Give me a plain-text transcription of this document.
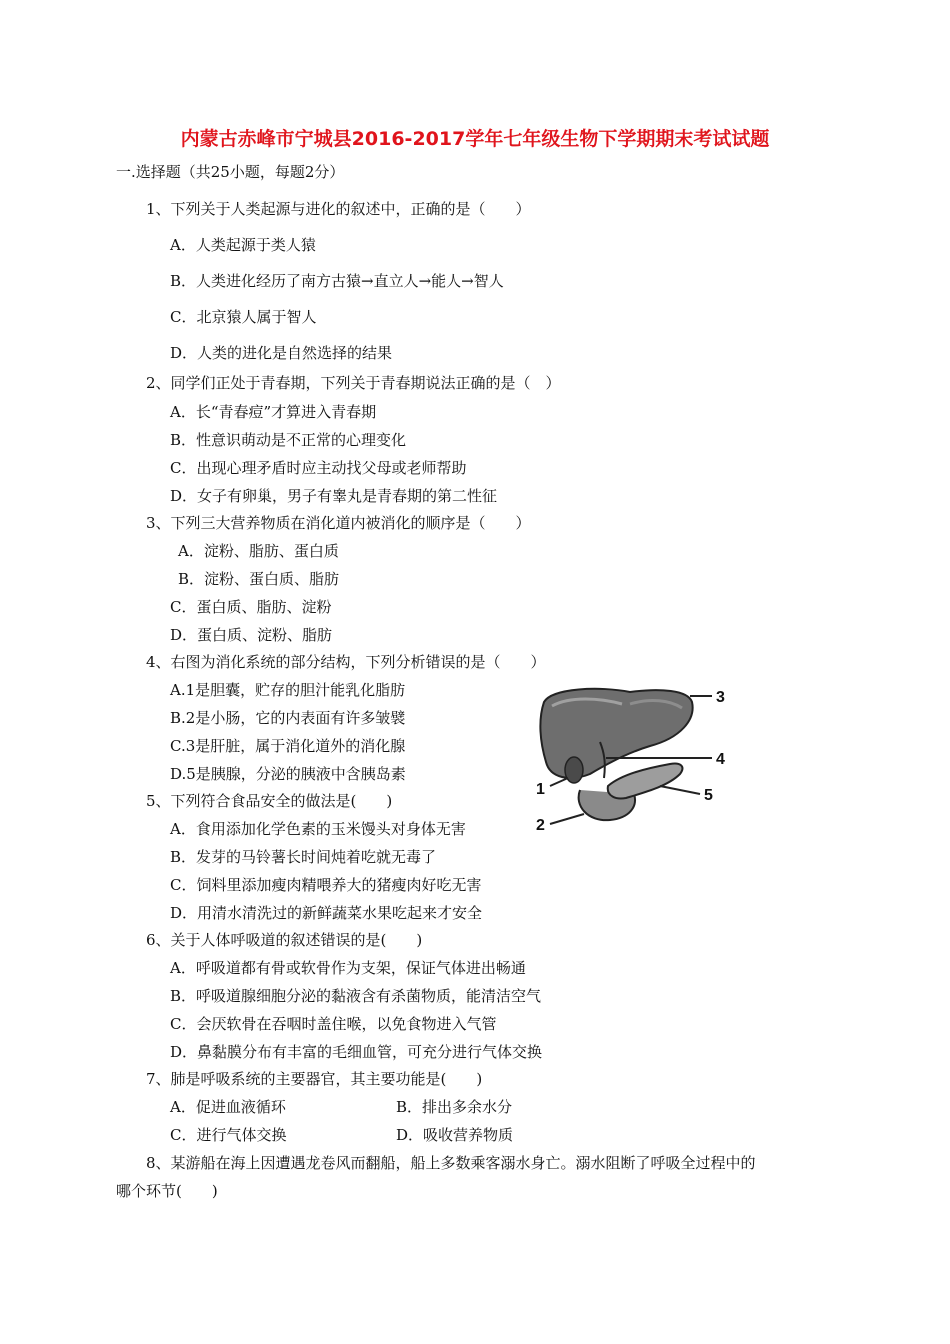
内蒙古赤峰市宁城县2016-2017学年七年级生物下学期期末考试试题
一.选择题（共25小题，每题2分）
1、下列关于人类起源与进化的叙述中，正确的是（　　）
A．人类起源于类人猿
B．人类进化经历了南方古猿→直立人→能人→智人
C．北京猿人属于智人
D．人类的进化是自然选择的结果
2、同学们正处于青春期，下列关于青春期说法正确的是（　）
A．长“青春痘”才算进入青春期
B．性意识萌动是不正常的心理变化
C．出现心理矛盾时应主动找父母或老师帮助
D．女子有卵巢，男子有睾丸是青春期的第二性征
3、下列三大营养物质在消化道内被消化的顺序是（　　）
A．淀粉、脂肪、蛋白质
B．淀粉、蛋白质、脂肪
C．蛋白质、脂肪、淀粉
D．蛋白质、淀粉、脂肪
4、右图为消化系统的部分结构，下列分析错误的是（　　）
A.1是胆囊，贮存的胆汁能乳化脂肪
B.2是小肠，它的内表面有许多皱襞
C.3是肝脏，属于消化道外的消化腺
D.5是胰腺，分泌的胰液中含胰岛素
3
4
5
1
2
5、下列符合食品安全的做法是(　　)
A．食用添加化学色素的玉米馒头对身体无害
B．发芽的马铃薯长时间炖着吃就无毒了
C．饲料里添加瘦肉精喂养大的猪瘦肉好吃无害
D．用清水清洗过的新鲜蔬菜水果吃起来才安全
6、关于人体呼吸道的叙述错误的是(　　)
A．呼吸道都有骨或软骨作为支架，保证气体进出畅通
B．呼吸道腺细胞分泌的黏液含有杀菌物质，能清洁空气
C．会厌软骨在吞咽时盖住喉，以免食物进入气管
D．鼻黏膜分布有丰富的毛细血管，可充分进行气体交换
7、肺是呼吸系统的主要器官，其主要功能是(　　)
A．促进血液循环	B．排出多余水分
C．进行气体交换	D．吸收营养物质
8、某游船在海上因遭遇龙卷风而翻船，船上多数乘客溺水身亡。溺水阻断了呼吸全过程中的
哪个环节(　　)
